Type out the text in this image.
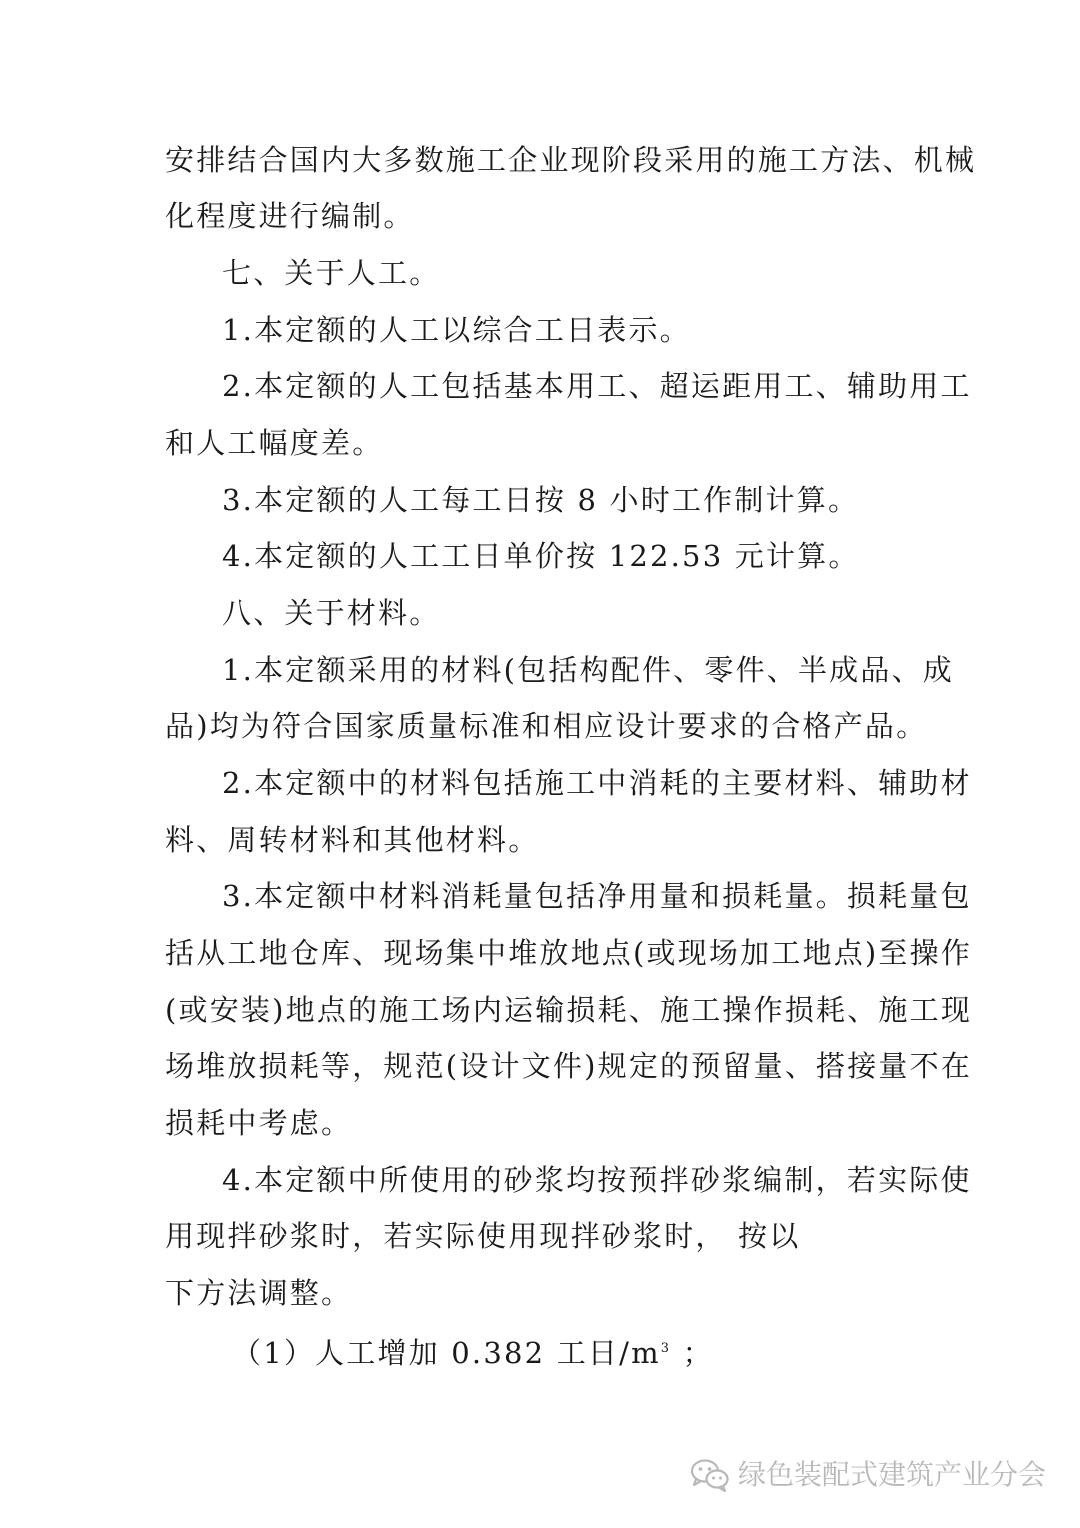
安排结合国内大多数施工企业现阶段采用的施工方法、机械
化程度进行编制。
七、关于人工。
1.本定额的人工以综合工日表示。
2.本定额的人工包括基本用工、超运距用工、辅助用工
和人工幅度差。
3.本定额的人工每工日按 8 小时工作制计算。
4.本定额的人工工日单价按 122.53 元计算。
八、关于材料。
1.本定额采用的材料(包括构配件、零件、半成品、成
品)均为符合国家质量标准和相应设计要求的合格产品。
2.本定额中的材料包括施工中消耗的主要材料、辅助材
料、周转材料和其他材料。
3.本定额中材料消耗量包括净用量和损耗量。损耗量包
括从工地仓库、现场集中堆放地点(或现场加工地点)至操作
(或安装)地点的施工场内运输损耗、施工操作损耗、施工现
场堆放损耗等，规范(设计文件)规定的预留量、搭接量不在
损耗中考虑。
4.本定额中所使用的砂浆均按预拌砂浆编制，若实际使
用现拌砂浆时，若实际使用现拌砂浆时， 按以
下方法调整。
（1）人工增加 0.382 工日$/m^3$ ；
绿色装配式建筑产业分会
